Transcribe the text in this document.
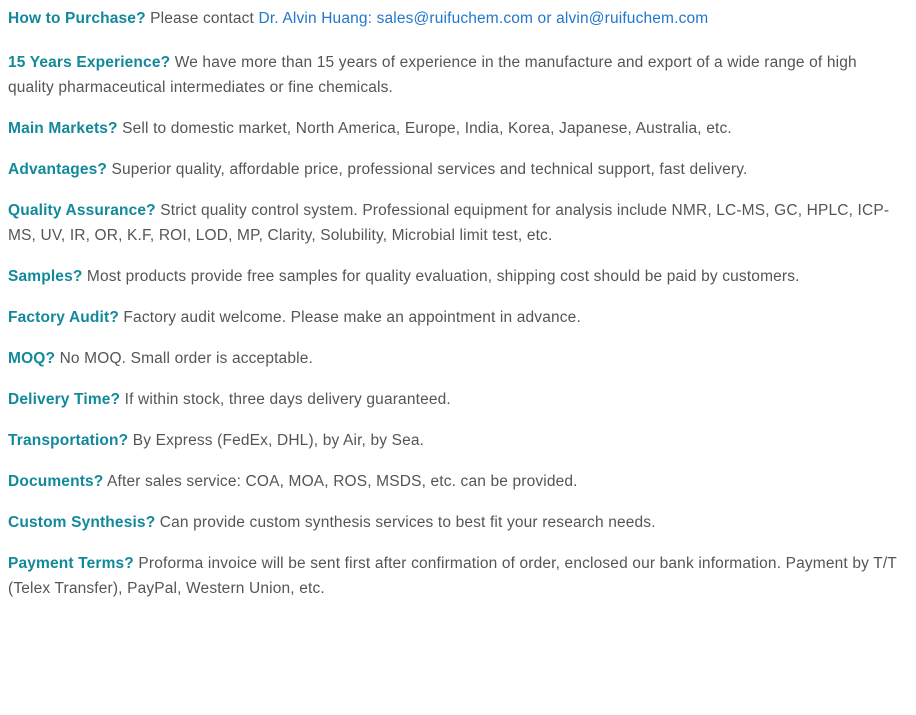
How to Purchase? Please contact Dr. Alvin Huang: sales@ruifuchem.com or alvin@ruifuchem.com

15 Years Experience? We have more than 15 years of experience in the manufacture and export of a wide range of high quality pharmaceutical intermediates or fine chemicals.

Main Markets? Sell to domestic market, North America, Europe, India, Korea, Japanese, Australia, etc.

Advantages? Superior quality, affordable price, professional services and technical support, fast delivery.

Quality Assurance? Strict quality control system. Professional equipment for analysis include NMR, LC-MS, GC, HPLC, ICP-MS, UV, IR, OR, K.F, ROI, LOD, MP, Clarity, Solubility, Microbial limit test, etc.

Samples? Most products provide free samples for quality evaluation, shipping cost should be paid by customers.

Factory Audit? Factory audit welcome. Please make an appointment in advance.

MOQ? No MOQ. Small order is acceptable.

Delivery Time? If within stock, three days delivery guaranteed.

Transportation? By Express (FedEx, DHL), by Air, by Sea.

Documents? After sales service: COA, MOA, ROS, MSDS, etc. can be provided.

Custom Synthesis? Can provide custom synthesis services to best fit your research needs.

Payment Terms? Proforma invoice will be sent first after confirmation of order, enclosed our bank information. Payment by T/T (Telex Transfer), PayPal, Western Union, etc.
